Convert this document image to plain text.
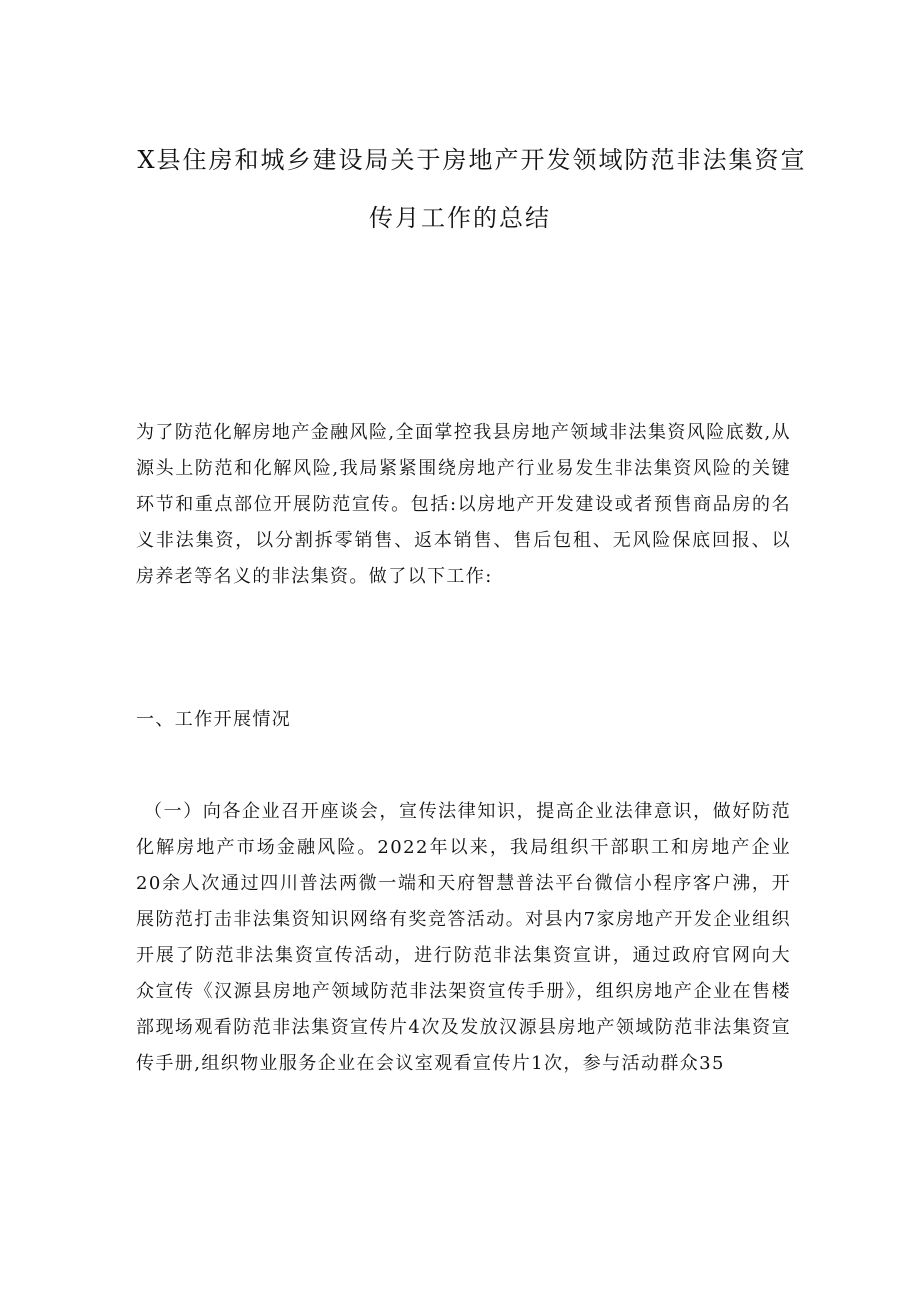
X县住房和城乡建设局关于房地产开发领域防范非法集资宣
传月工作的总结

为了防范化解房地产金融风险,全面掌控我县房地产领域非法集资风险底数,从源头上防范和化解风险,我局紧紧围绕房地产行业易发生非法集资风险的关键环节和重点部位开展防范宣传。包括:以房地产开发建设或者预售商品房的名义非法集资，以分割拆零销售、返本销售、售后包租、无风险保底回报、以房养老等名义的非法集资。做了以下工作:

一、工作开展情况

（一）向各企业召开座谈会，宣传法律知识，提高企业法律意识，做好防范化解房地产市场金融风险。2022年以来，我局组织干部职工和房地产企业20余人次通过四川普法两微一端和天府智慧普法平台微信小程序客户沸，开展防范打击非法集资知识网络有奖竞答活动。对县内7家房地产开发企业组织开展了防范非法集资宣传活动，进行防范非法集资宣讲，通过政府官网向大众宣传《汉源县房地产领域防范非法架资宣传手册》，组织房地产企业在售楼部现场观看防范非法集资宣传片4次及发放汉源县房地产领域防范非法集资宣传手册,组织物业服务企业在会议室观看宣传片1次，参与活动群众35
